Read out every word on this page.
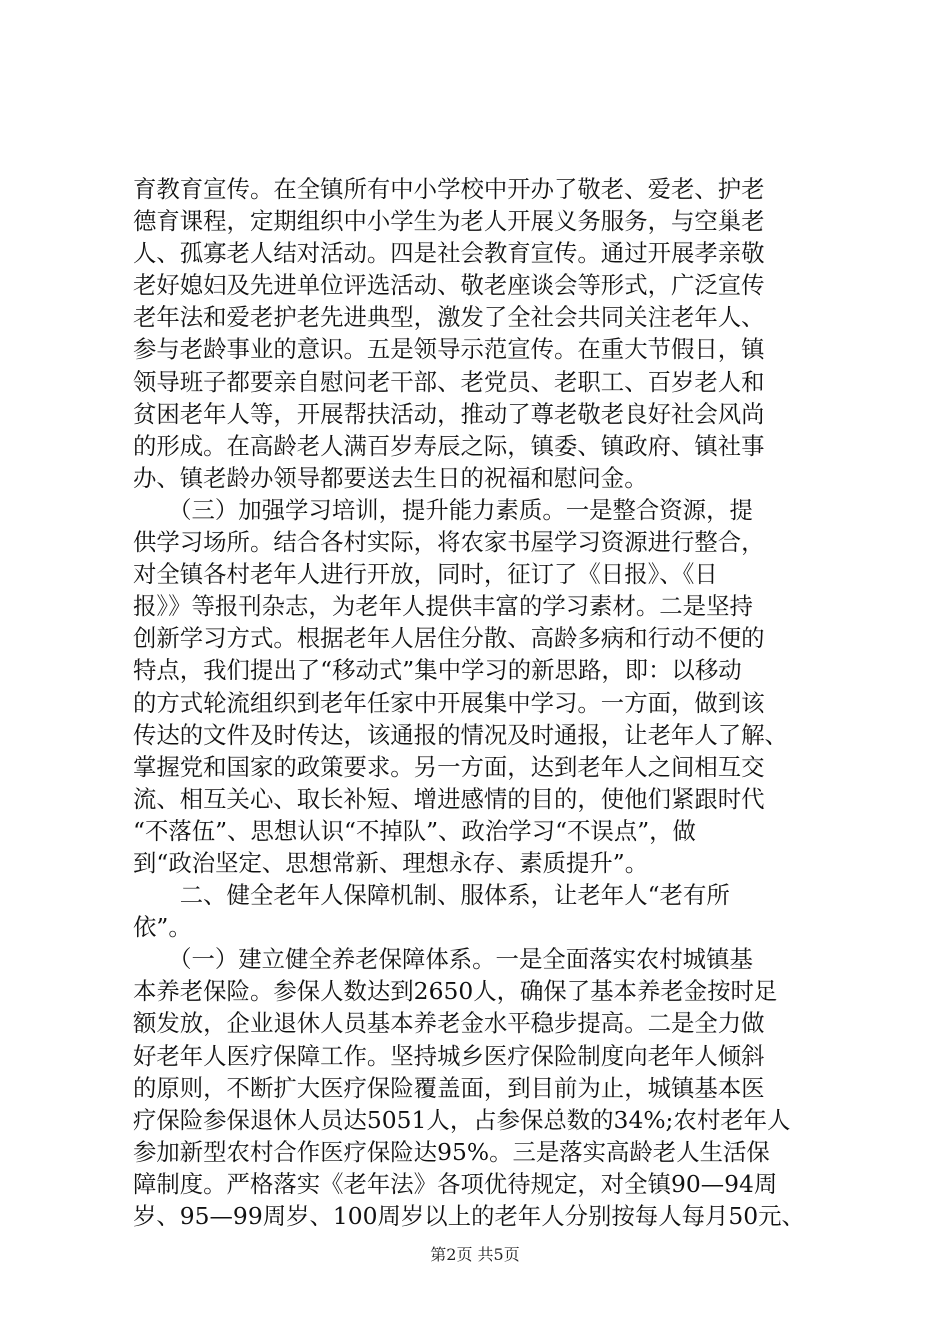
育教育宣传。在全镇所有中小学校中开办了敬老、爱老、护老
德育课程，定期组织中小学生为老人开展义务服务，与空巢老
人、孤寡老人结对活动。四是社会教育宣传。通过开展孝亲敬
老好媳妇及先进单位评选活动、敬老座谈会等形式，广泛宣传
老年法和爱老护老先进典型，激发了全社会共同关注老年人、
参与老龄事业的意识。五是领导示范宣传。在重大节假日，镇
领导班子都要亲自慰问老干部、老党员、老职工、百岁老人和
贫困老年人等，开展帮扶活动，推动了尊老敬老良好社会风尚
的形成。在高龄老人满百岁寿辰之际，镇委、镇政府、镇社事
办、镇老龄办领导都要送去生日的祝福和慰问金。
　　（三）加强学习培训，提升能力素质。一是整合资源，提
供学习场所。结合各村实际，将农家书屋学习资源进行整合，
对全镇各村老年人进行开放，同时，征订了《日报》、《日
报》》等报刊杂志，为老年人提供丰富的学习素材。二是坚持
创新学习方式。根据老年人居住分散、高龄多病和行动不便的
特点，我们提出了“移动式”集中学习的新思路，即：以移动
的方式轮流组织到老年任家中开展集中学习。一方面，做到该
传达的文件及时传达，该通报的情况及时通报，让老年人了解、
掌握党和国家的政策要求。另一方面，达到老年人之间相互交
流、相互关心、取长补短、增进感情的目的，使他们紧跟时代
“不落伍”、思想认识“不掉队”、政治学习“不误点”，做
到“政治坚定、思想常新、理想永存、素质提升”。
　　二、健全老年人保障机制、服体系，让老年人“老有所
依”。
　　（一）建立健全养老保障体系。一是全面落实农村城镇基
本养老保险。参保人数达到2650人，确保了基本养老金按时足
额发放，企业退休人员基本养老金水平稳步提高。二是全力做
好老年人医疗保障工作。坚持城乡医疗保险制度向老年人倾斜
的原则，不断扩大医疗保险覆盖面，到目前为止，城镇基本医
疗保险参保退休人员达5051人，占参保总数的34%;农村老年人
参加新型农村合作医疗保险达95%。三是落实高龄老人生活保
障制度。严格落实《老年法》各项优待规定，对全镇90—94周
岁、95—99周岁、100周岁以上的老年人分别按每人每月50元、
第2页 共5页
